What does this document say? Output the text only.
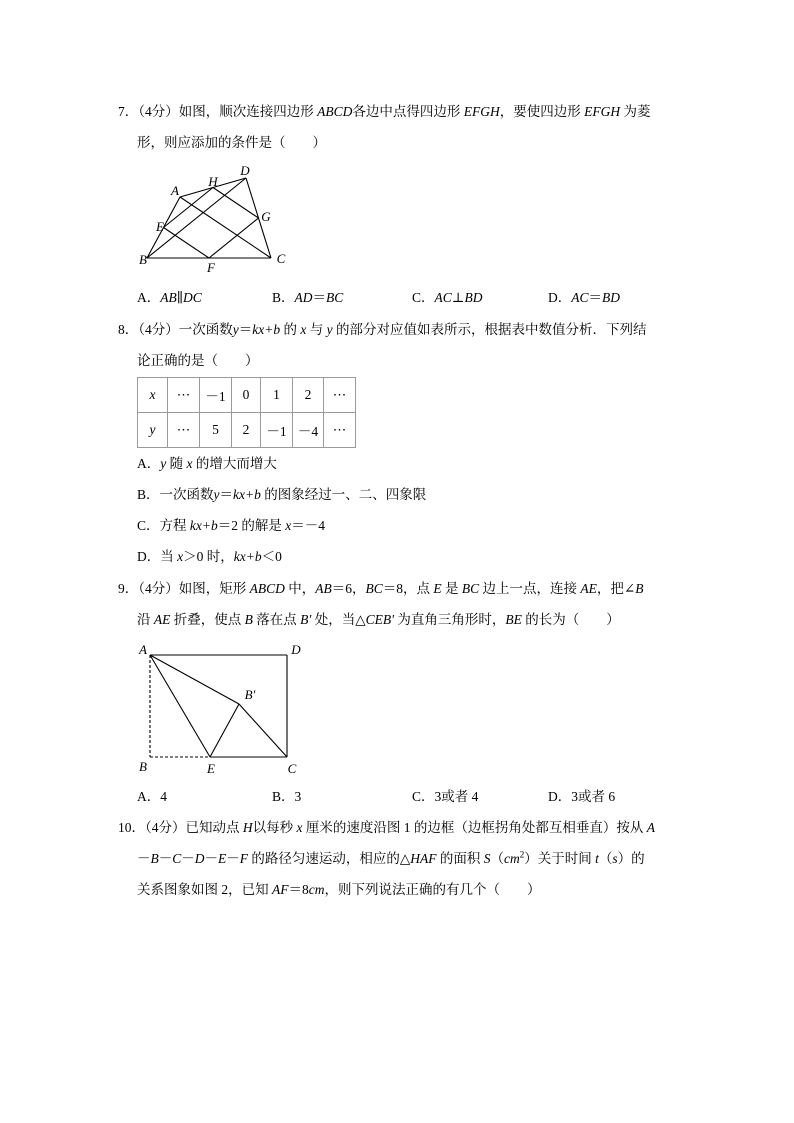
7．（4分）如图，顺次连接四边形 ABCD各边中点得四边形 EFGH，要使四边形 EFGH 为菱
形，则应添加的条件是（　　）
A
H
D
G
C
F
B
E
A．AB∥DC	B．AD＝BC	C．AC⊥BD	D．AC＝BD
8．（4分）一次函数y＝kx+b 的 x 与 y 的部分对应值如表所示，根据表中数值分析．下列结
论正确的是（　　）
x	⋯	－1	0	1	2	⋯
y	⋯	5	2	－1	－4	⋯
A．y 随 x 的增大而增大
B．一次函数y＝kx+b 的图象经过一、二、四象限
C．方程 kx+b＝2 的解是 x＝－4
D．当 x＞0 时，kx+b＜0
9．（4分）如图，矩形 ABCD 中，AB＝6，BC＝8，点 E 是 BC 边上一点，连接 AE，把∠B
沿 AE 折叠，使点 B 落在点 B′ 处，当△CEB′ 为直角三角形时，BE 的长为（　　）
A	D
B′
B	E	C
A．4	B．3	C．3或者 4	D．3或者 6
10．（4分）已知动点 H以每秒 x 厘米的速度沿图 1 的边框（边框拐角处都互相垂直）按从 A
－B－C－D－E－F 的路径匀速运动，相应的△HAF 的面积 $S(cm^2)$关于时间 t（s）的
关系图象如图 2，已知 AF＝8cm，则下列说法正确的有几个（　　）
